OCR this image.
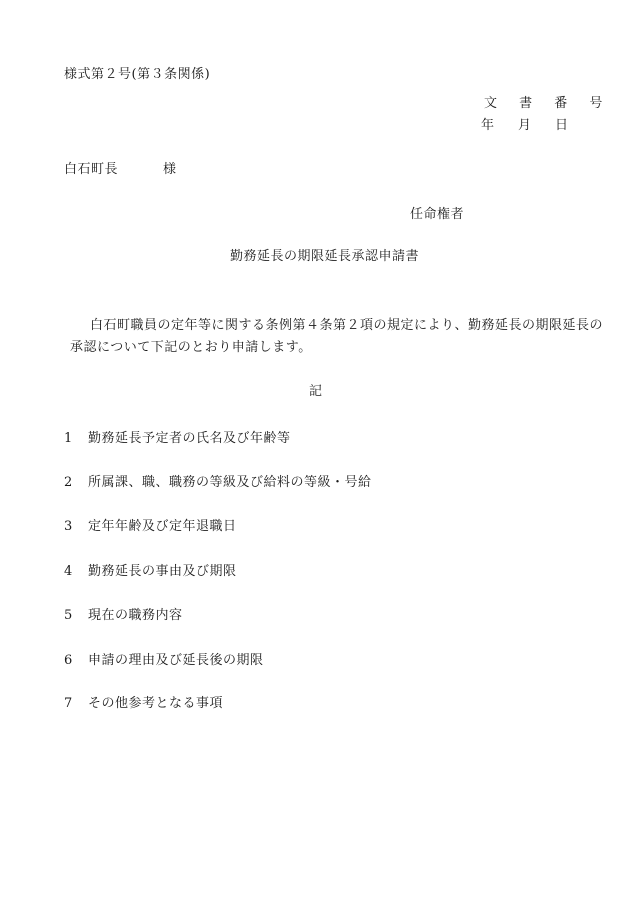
様式第２号(第３条関係)
文 書 番 号
年 月 日
白石町長	様
任命権者
勤務延長の期限延長承認申請書
白石町職員の定年等に関する条例第４条第２項の規定により、勤務延長の期限延長の
承認について下記のとおり申請します。
記
1	勤務延長予定者の氏名及び年齢等
2	所属課、職、職務の等級及び給料の等級・号給
3	定年年齢及び定年退職日
4	勤務延長の事由及び期限
5	現在の職務内容
6	申請の理由及び延長後の期限
7	その他参考となる事項
